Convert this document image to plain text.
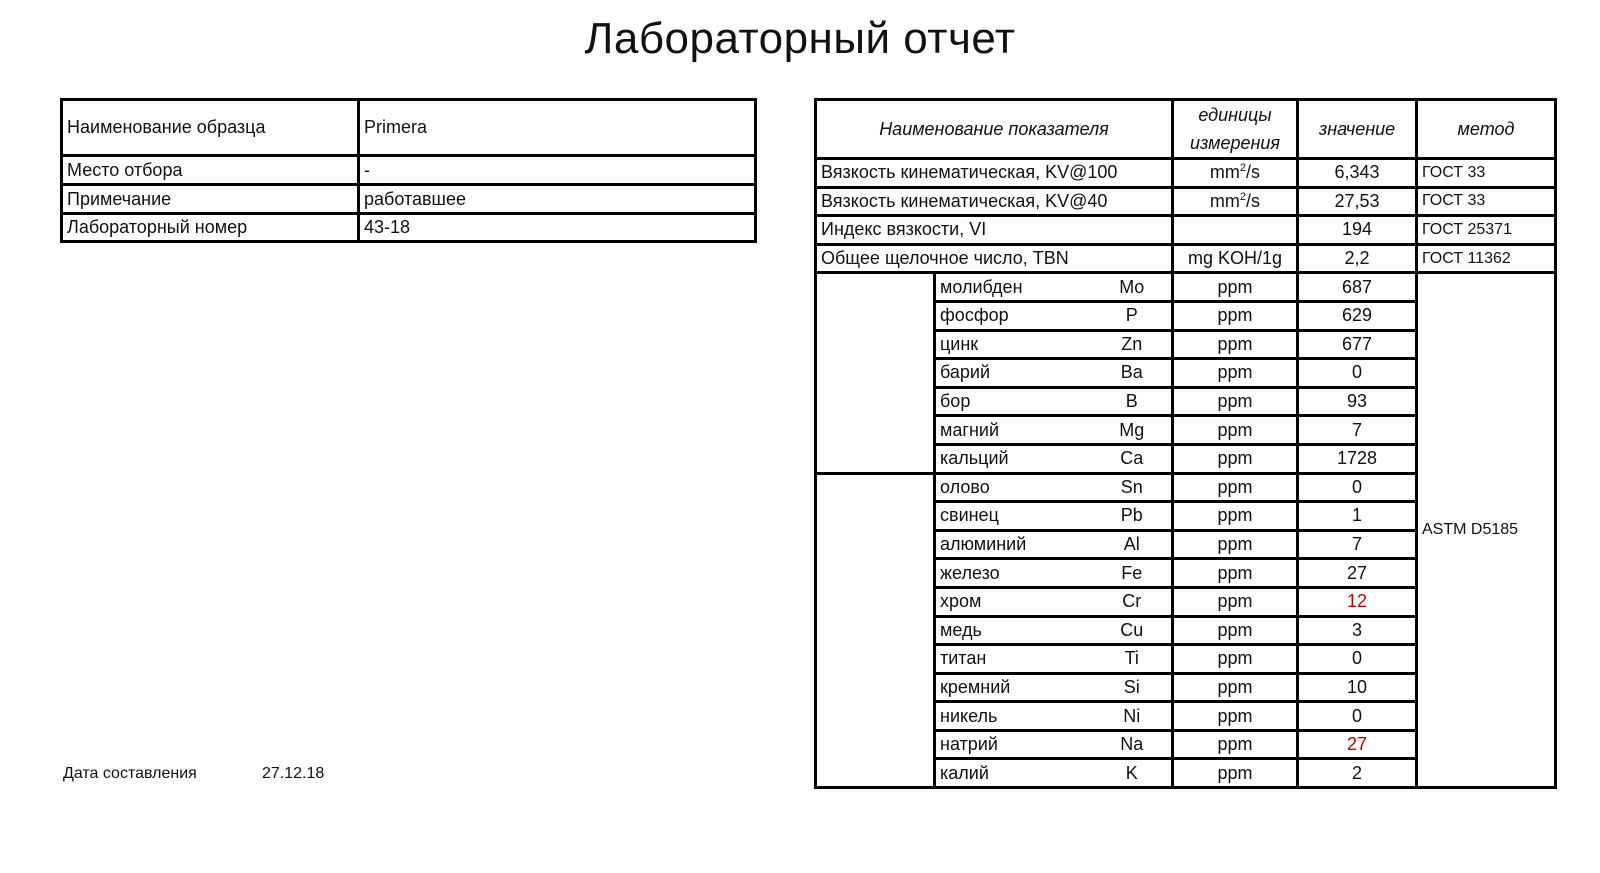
Лабораторный отчет
Наименование образца	Primera
Место отбора	-
Примечание	работавшее
Лабораторный номер	43-18
Наименование показателя			единицы измерения	значение	метод
Вязкость кинематическая, KV@100			$mm^2/s$	6,343	ГОСТ 33
Вязкость кинематическая, KV@40			$mm^2/s$	27,53	ГОСТ 33
Индекс вязкости, VI				194	ГОСТ 25371
Общее щелочное число, TBN			mg KOH/1g	2,2	ГОСТ 11362
	молибден	Mo	ppm	687	ASTM D5185
	фосфор	P	ppm	629	
	цинк	Zn	ppm	677	
	барий	Ba	ppm	0	
	бор	B	ppm	93	
	магний	Mg	ppm	7	
	кальций	Ca	ppm	1728	
	олово	Sn	ppm	0	
	свинец	Pb	ppm	1	
	алюминий	Al	ppm	7	
	железо	Fe	ppm	27	
	хром	Cr	ppm	12	
	медь	Cu	ppm	3	
	титан	Ti	ppm	0	
	кремний	Si	ppm	10	
	никель	Ni	ppm	0	
	натрий	Na	ppm	27	
	калий	K	ppm	2	
Дата составления	27.12.18
